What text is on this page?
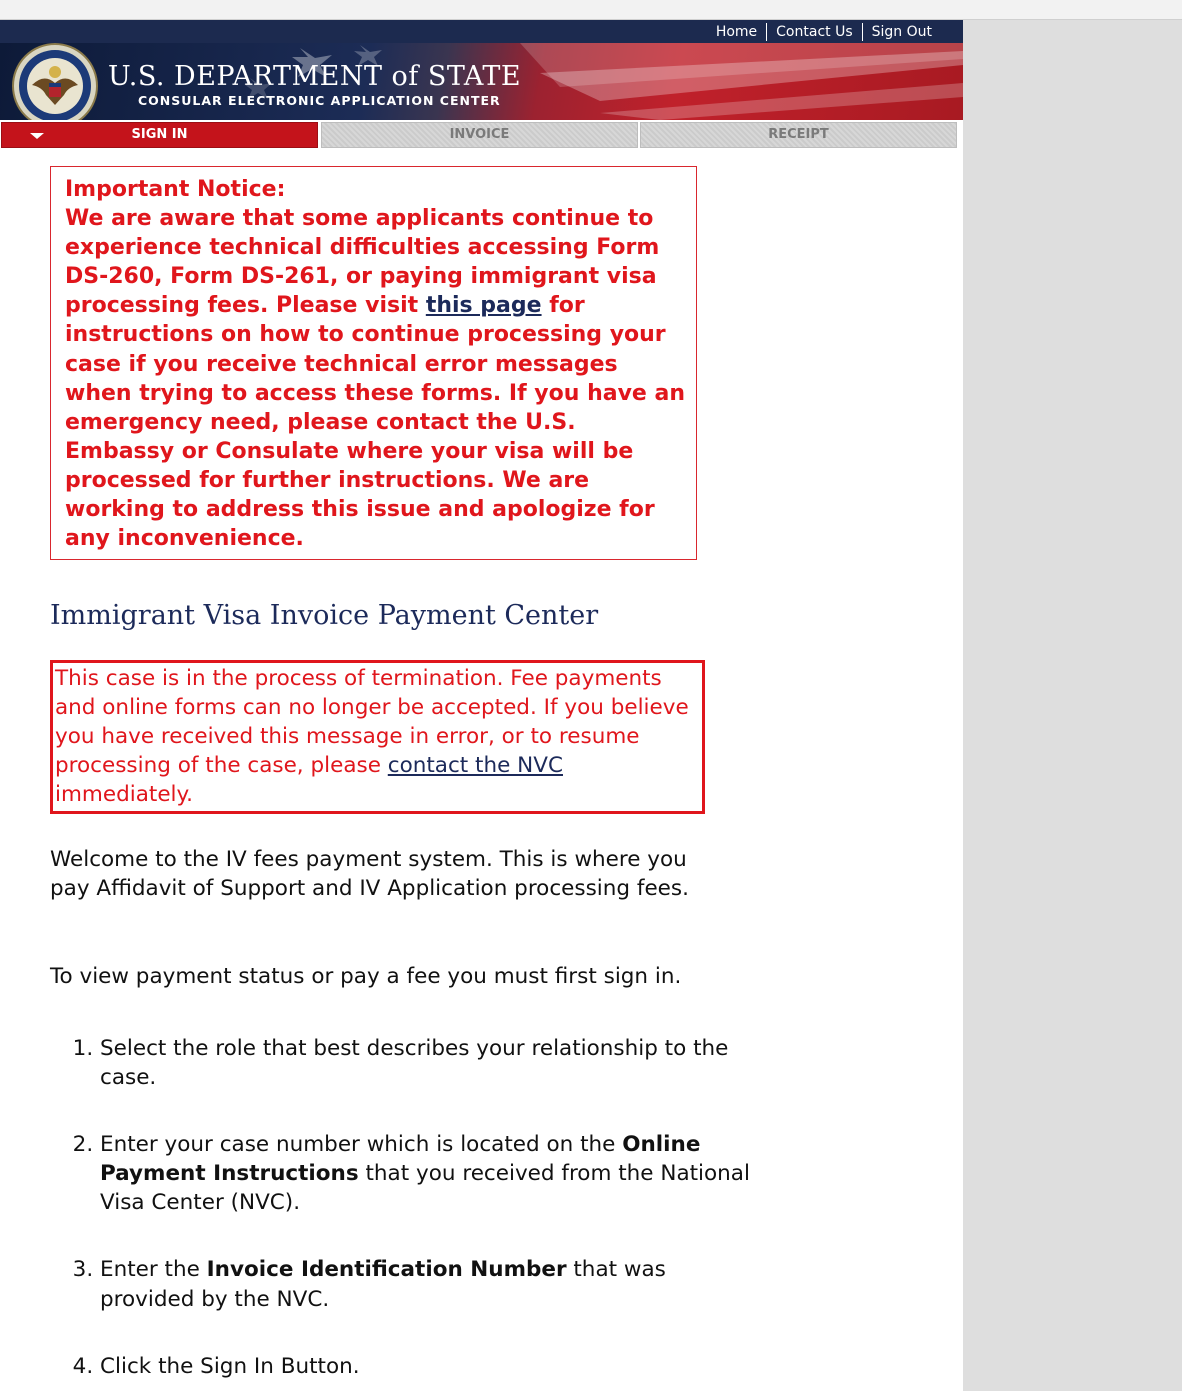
Home	Contact Us	Sign Out
U.S. DEPARTMENT of STATE
CONSULAR ELECTRONIC APPLICATION CENTER
SIGN IN	INVOICE	RECEIPT
Important Notice:
We are aware that some applicants continue to experience technical difficulties accessing Form DS-260, Form DS-261, or paying immigrant visa processing fees. Please visit this page for instructions on how to continue processing your case if you receive technical error messages when trying to access these forms. If you have an emergency need, please contact the U.S. Embassy or Consulate where your visa will be processed for further instructions. We are working to address this issue and apologize for any inconvenience.
Immigrant Visa Invoice Payment Center
This case is in the process of termination. Fee payments and online forms can no longer be accepted. If you believe you have received this message in error, or to resume processing of the case, please contact the NVC immediately.
Welcome to the IV fees payment system. This is where you pay Affidavit of Support and IV Application processing fees.
To view payment status or pay a fee you must first sign in.
1. Select the role that best describes your relationship to the case.
2. Enter your case number which is located on the Online Payment Instructions that you received from the National Visa Center (NVC).
3. Enter the Invoice Identification Number that was provided by the NVC.
4. Click the Sign In Button.
